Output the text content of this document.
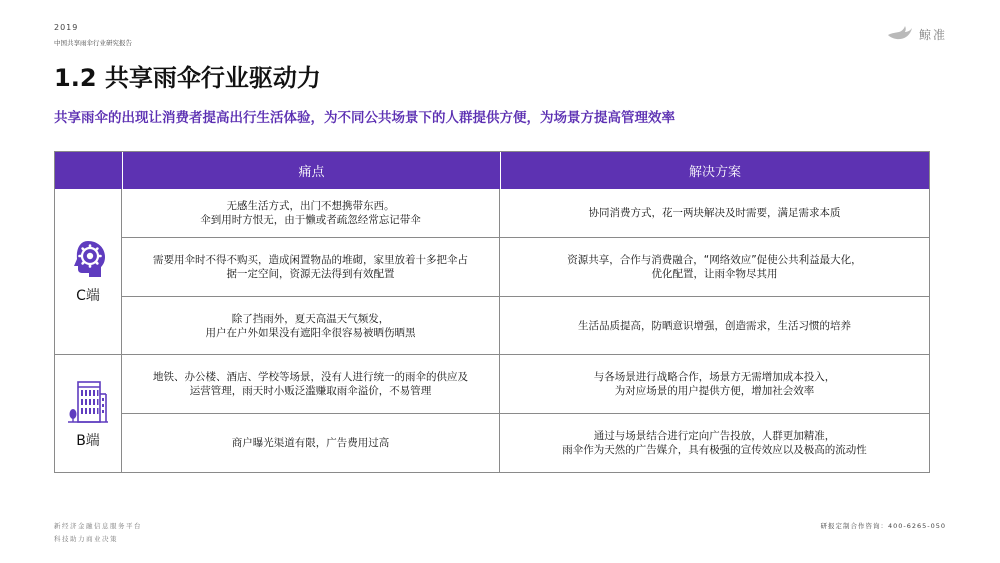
2019
中国共享雨伞行业研究报告
鲸准
1.2 共享雨伞行业驱动力
共享雨伞的出现让消费者提高出行生活体验，为不同公共场景下的人群提供方便，为场景方提高管理效率
痛点	解决方案
C端
B端
无感生活方式，出门不想携带东西。
伞到用时方恨无，由于懒或者疏忽经常忘记带伞
协同消费方式，花一两块解决及时需要，满足需求本质
需要用伞时不得不购买，造成闲置物品的堆砌，家里放着十多把伞占
据一定空间，资源无法得到有效配置
资源共享，合作与消费融合，“网络效应”促使公共利益最大化，
优化配置，让雨伞物尽其用
除了挡雨外，夏天高温天气频发，
用户在户外如果没有遮阳伞很容易被晒伤晒黑
生活品质提高，防晒意识增强，创造需求，生活习惯的培养
地铁、办公楼、酒店、学校等场景，没有人进行统一的雨伞的供应及
运营管理，雨天时小贩泛滥赚取雨伞溢价，不易管理
与各场景进行战略合作，场景方无需增加成本投入，
为对应场景的用户提供方便，增加社会效率
商户曝光渠道有限，广告费用过高
通过与场景结合进行定向广告投放，人群更加精准，
雨伞作为天然的广告媒介，具有极强的宣传效应以及极高的流动性
新经济金融信息服务平台
科技助力商业决策
研报定制合作咨询：400-6265-050
